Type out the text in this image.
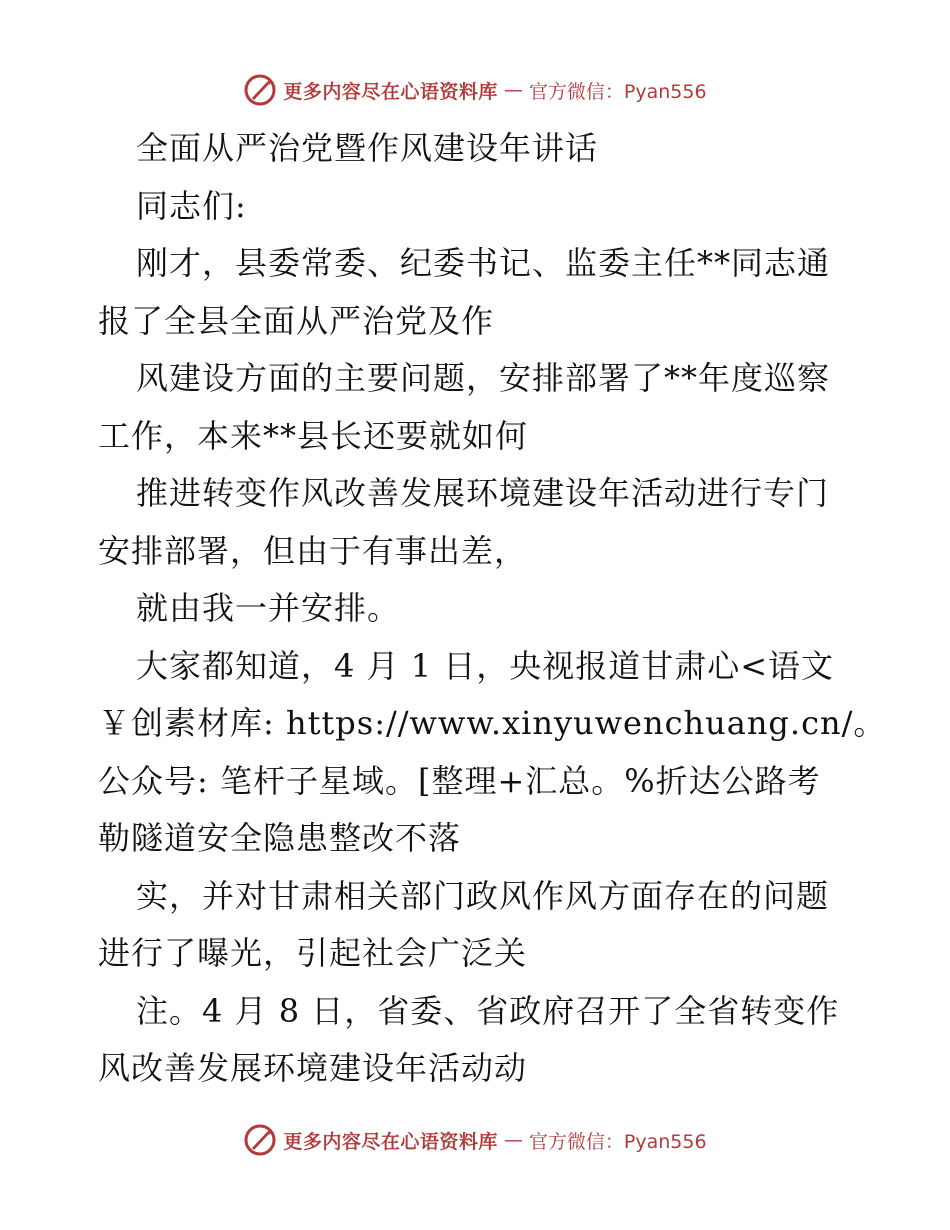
更多内容尽在心语资料库 — 官方微信：Pyan556
全面从严治党暨作风建设年讲话
同志们:
刚才，县委常委、纪委书记、监委主任**同志通
报了全县全面从严治党及作
风建设方面的主要问题，安排部署了**年度巡察
工作，本来**县长还要就如何
推进转变作风改善发展环境建设年活动进行专门
安排部署，但由于有事出差，
就由我一并安排。
大家都知道，4 月 1 日，央视报道甘肃心<语文
￥创素材库: https://www.xinyuwenchuang.cn/。
公众号: 笔杆子星域。[整理+汇总。%折达公路考
勒隧道安全隐患整改不落
实，并对甘肃相关部门政风作风方面存在的问题
进行了曝光，引起社会广泛关
注。4 月 8 日，省委、省政府召开了全省转变作
风改善发展环境建设年活动动
更多内容尽在心语资料库 — 官方微信：Pyan556
